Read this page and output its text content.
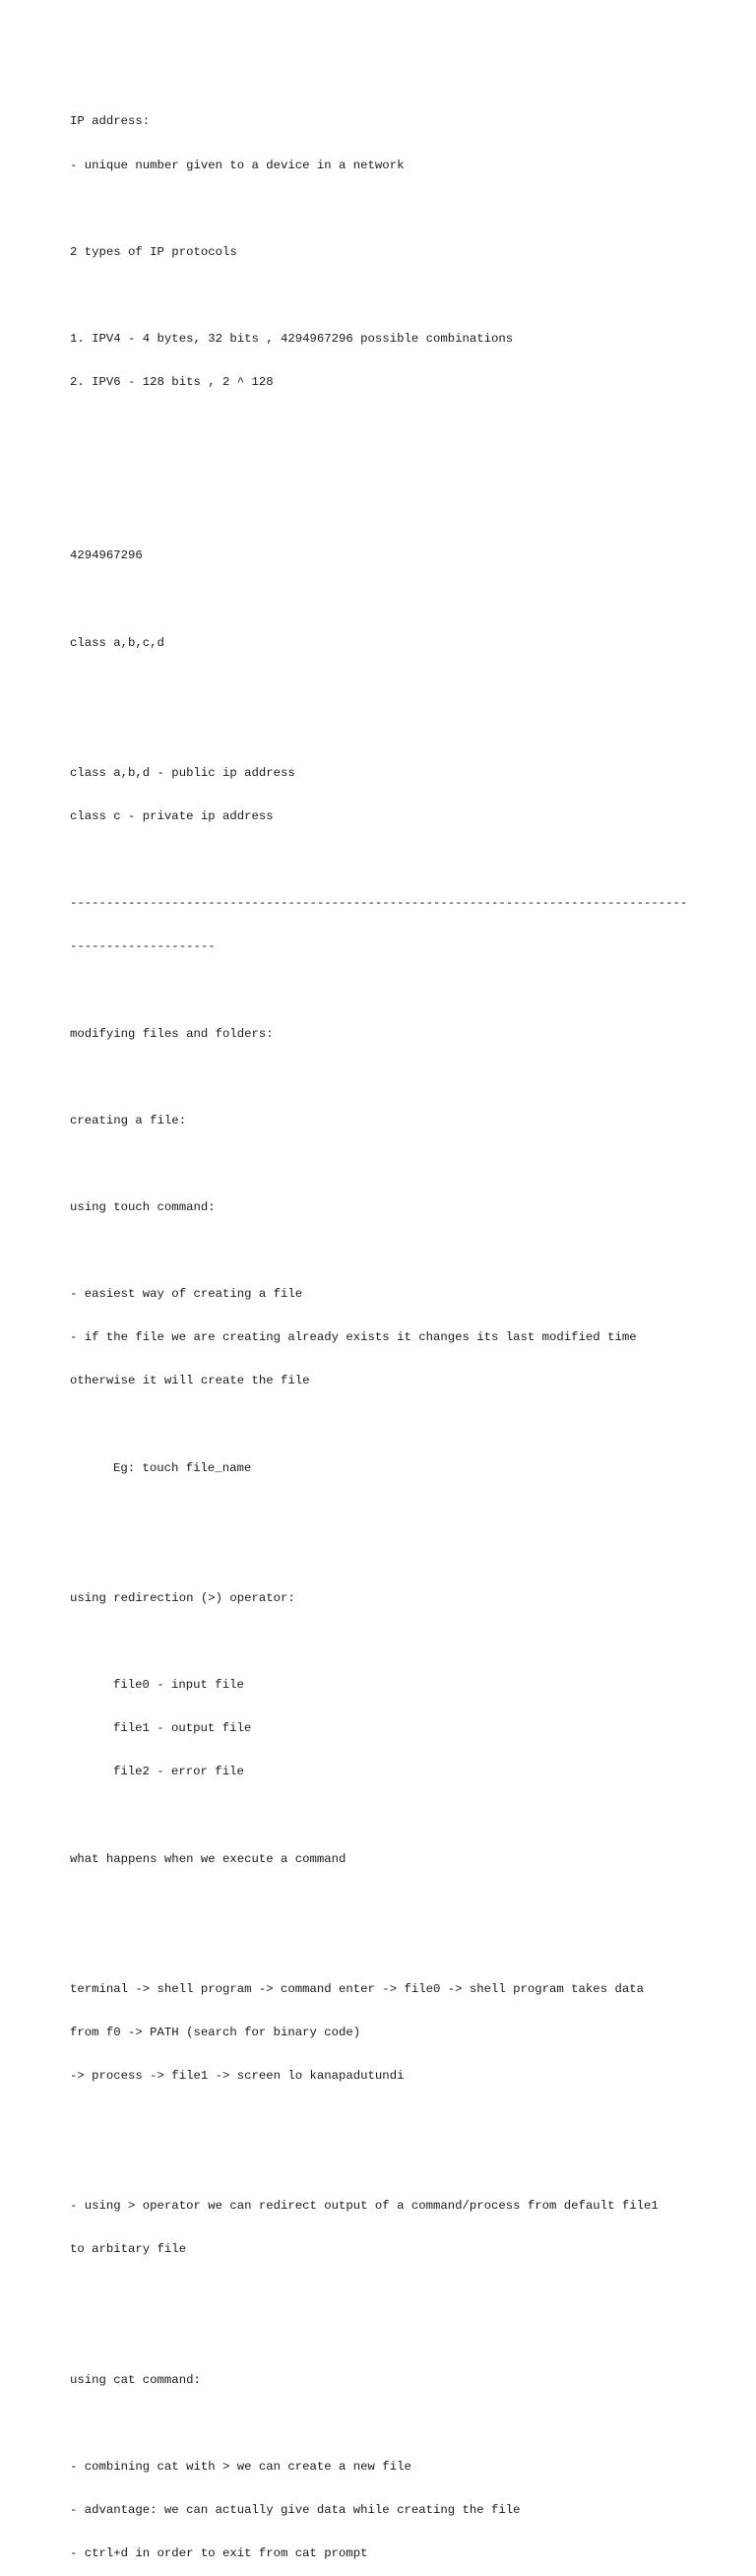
IP address:

- unique number given to a device in a network

2 types of IP protocols

1. IPV4 - 4 bytes, 32 bits , 4294967296 possible combinations

2. IPV6 - 128 bits , 2 ^ 128

4294967296

class a,b,c,d

class a,b,d - public ip address

class c - private ip address

-------------------------------------------------------------------------------------

--------------------

modifying files and folders:

creating a file:

using touch command:

- easiest way of creating a file

- if the file we are creating already exists it changes its last modified time

otherwise it will create the file

Eg: touch file_name

using redirection (>) operator:

file0 - input file

file1 - output file

file2 - error file

what happens when we execute a command

terminal -> shell program -> command enter -> file0 -> shell program takes data

from f0 -> PATH (search for binary code)

-> process -> file1 -> screen lo kanapadutundi

- using > operator we can redirect output of a command/process from default file1

to arbitary file

using cat command:

- combining cat with > we can create a new file

- advantage: we can actually give data while creating the file

- ctrl+d in order to exit from cat prompt
